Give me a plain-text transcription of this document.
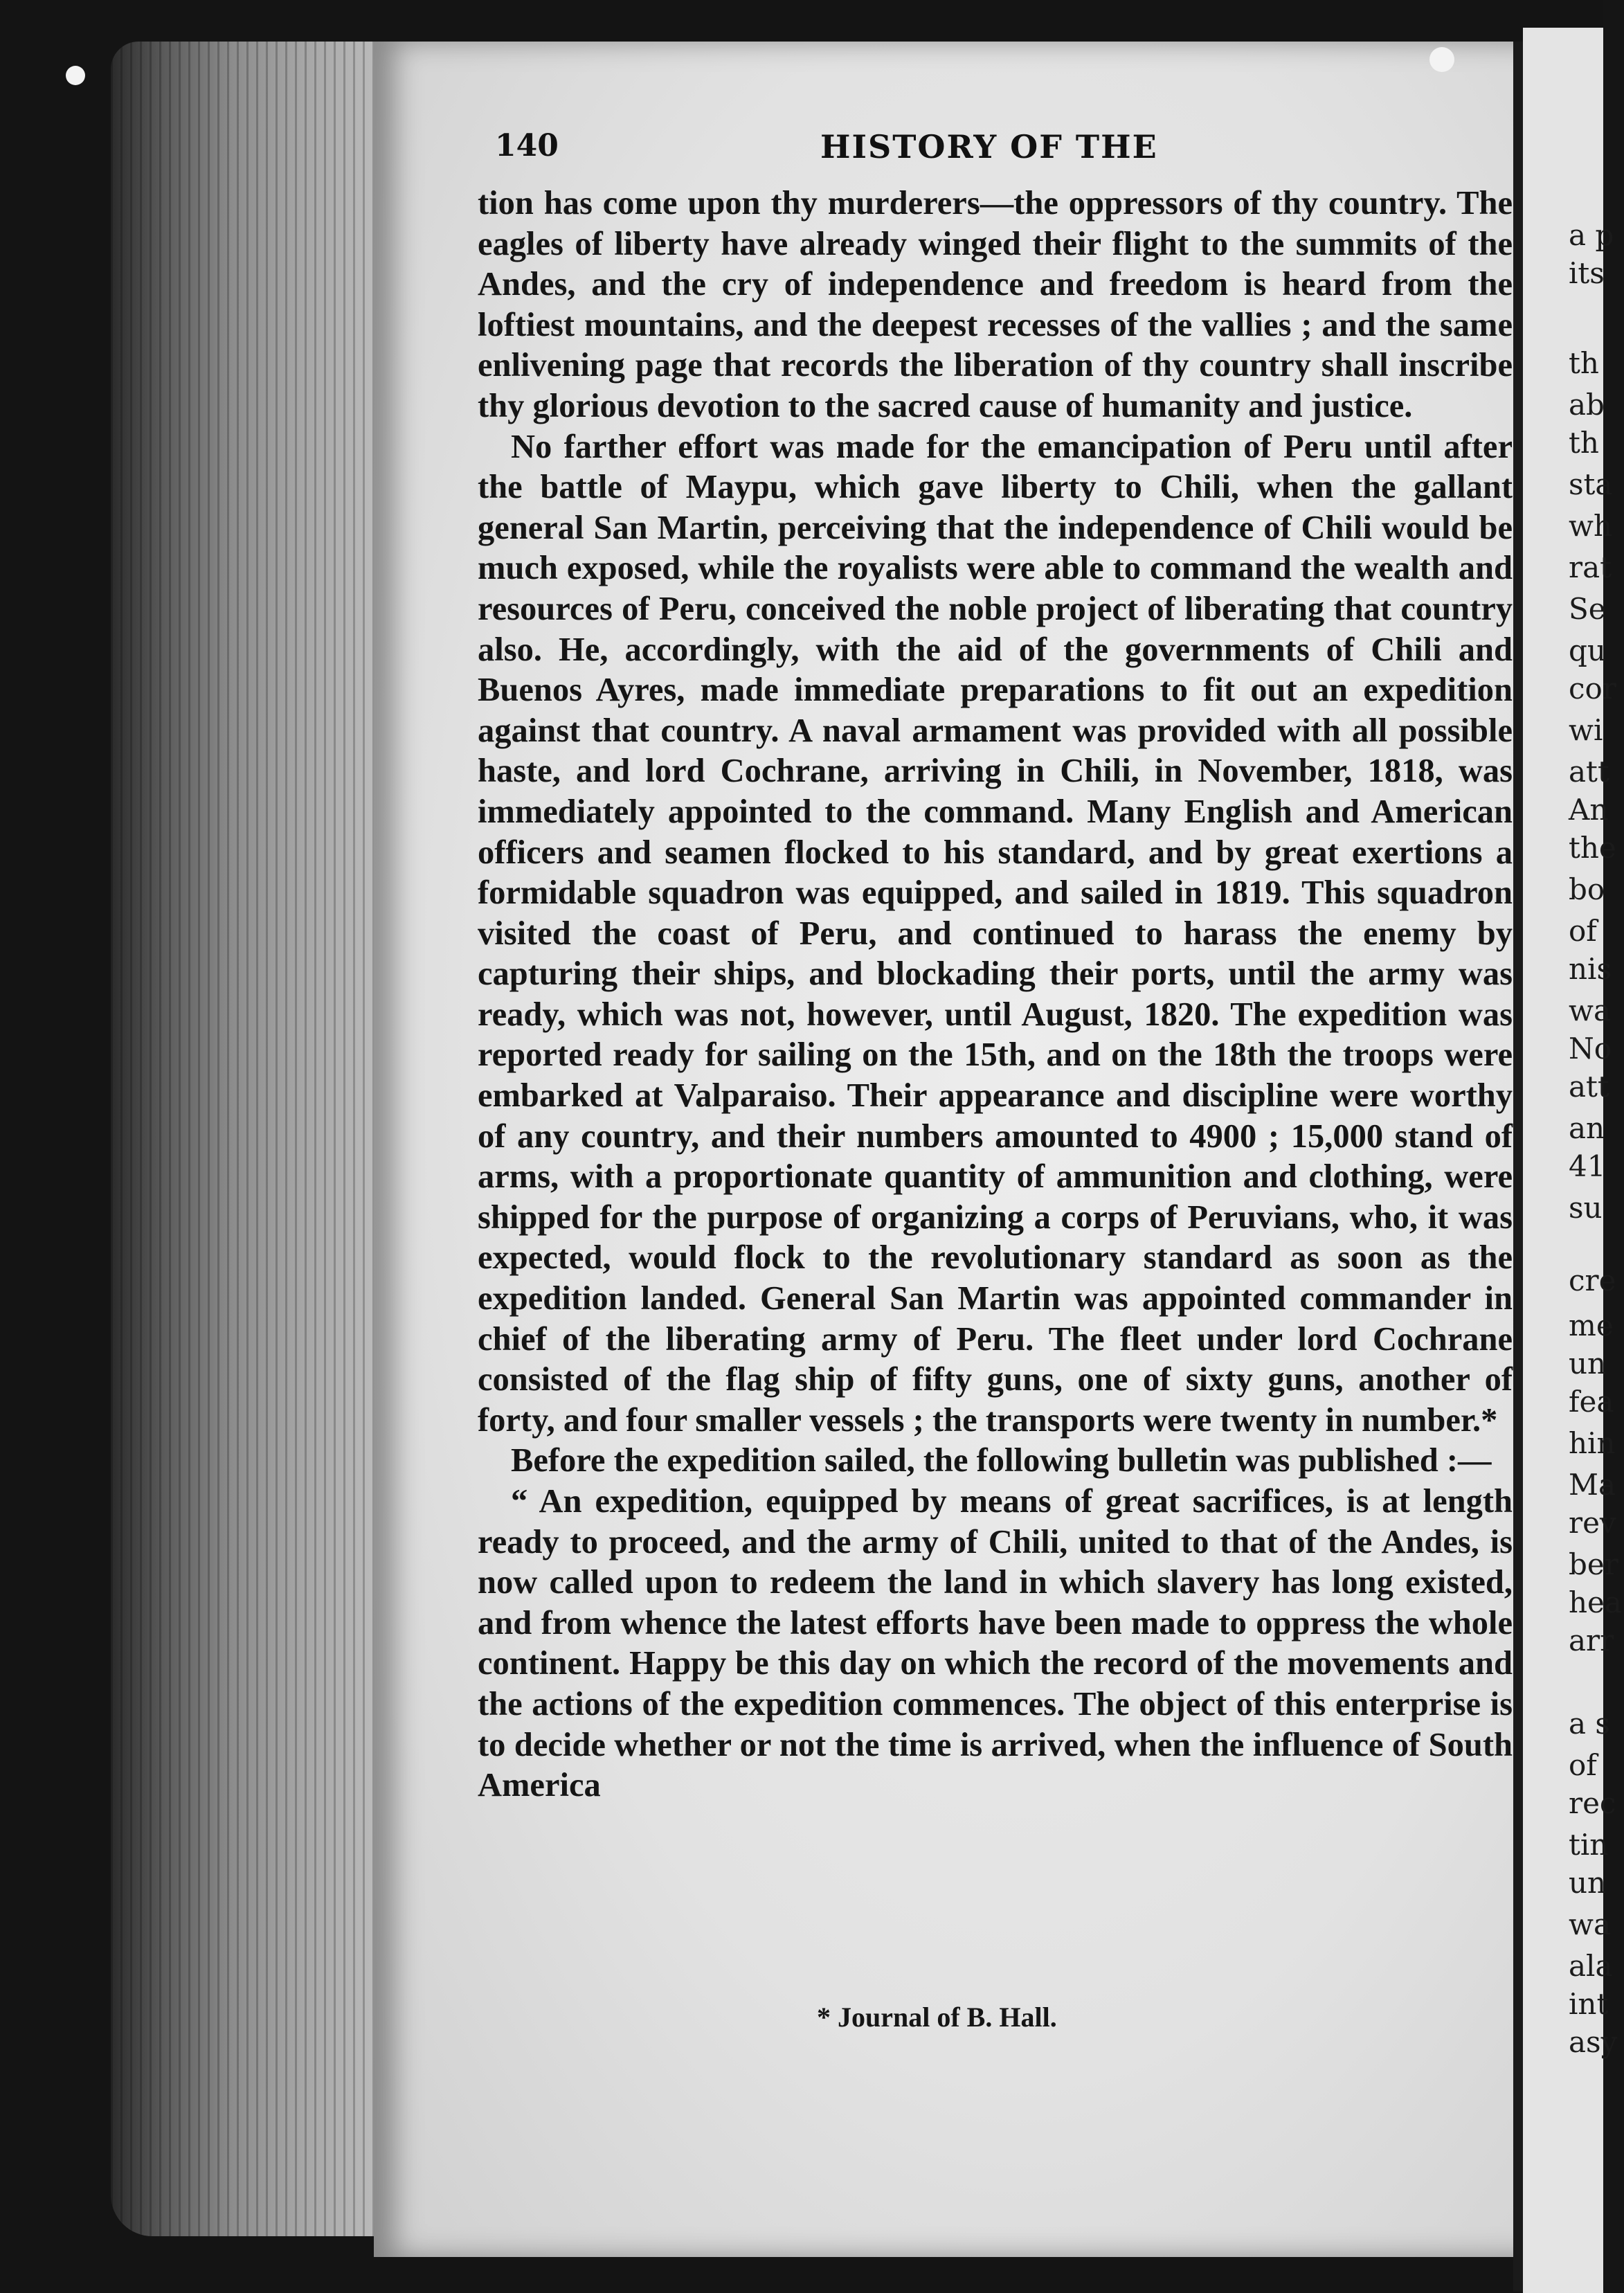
a p
its
th
ab
th
sta
wh
rat
Se
qu
cor
wi
att
An
the
bo
of
nis
wa
No
att
an
41
su
cre
me
un
fea
hin
Ma
rev
ber
hea
arr
a s
of
rec
tin
un
wa
ala
int
asy
140	HISTORY OF THE

tion has come upon thy murderers—the oppressors of thy country. The eagles of liberty have already winged their flight to the summits of the Andes, and the cry of independence and freedom is heard from the loftiest mountains, and the deepest recesses of the vallies ; and the same enlivening page that records the liberation of thy country shall inscribe thy glorious devotion to the sacred cause of humanity and justice.

No farther effort was made for the emancipation of Peru until after the battle of Maypu, which gave liberty to Chili, when the gallant general San Martin, perceiving that the independence of Chili would be much exposed, while the royalists were able to command the wealth and resources of Peru, conceived the noble project of liberating that country also. He, accordingly, with the aid of the governments of Chili and Buenos Ayres, made immediate preparations to fit out an expedition against that country. A naval armament was provided with all possible haste, and lord Cochrane, arriving in Chili, in November, 1818, was immediately appointed to the command. Many English and American officers and seamen flocked to his standard, and by great exertions a formidable squadron was equipped, and sailed in 1819. This squadron visited the coast of Peru, and continued to harass the enemy by capturing their ships, and blockading their ports, until the army was ready, which was not, however, until August, 1820. The expedition was reported ready for sailing on the 15th, and on the 18th the troops were embarked at Valparaiso. Their appearance and discipline were worthy of any country, and their numbers amounted to 4900 ; 15,000 stand of arms, with a proportionate quantity of ammunition and clothing, were shipped for the purpose of organizing a corps of Peruvians, who, it was expected, would flock to the revolutionary standard as soon as the expedition landed. General San Martin was appointed commander in chief of the liberating army of Peru. The fleet under lord Cochrane consisted of the flag ship of fifty guns, one of sixty guns, another of forty, and four smaller vessels ; the transports were twenty in number.*

Before the expedition sailed, the following bulletin was published :—

“ An expedition, equipped by means of great sacrifices, is at length ready to proceed, and the army of Chili, united to that of the Andes, is now called upon to redeem the land in which slavery has long existed, and from whence the latest efforts have been made to oppress the whole continent. Happy be this day on which the record of the movements and the actions of the expedition commences. The object of this enterprise is to decide whether or not the time is arrived, when the influence of South America

* Journal of B. Hall.
